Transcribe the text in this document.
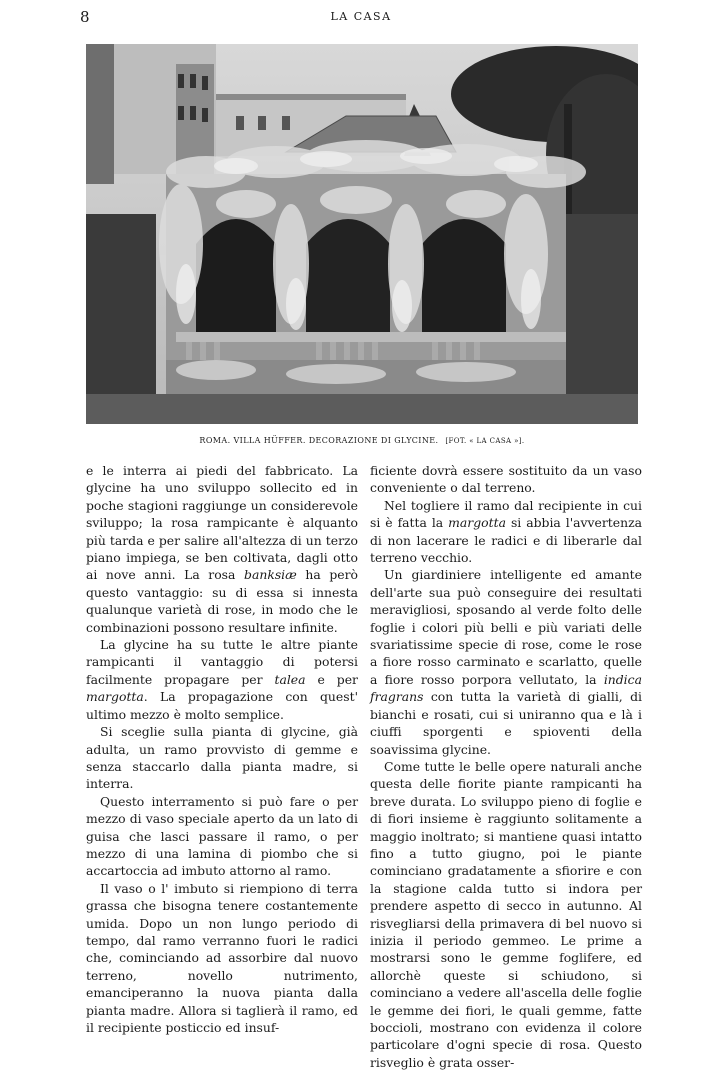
8	LA CASA
ROMA. VILLA HÜFFER. DECORAZIONE DI GLYCINE. [FOT. « LA CASA »].

e le interra ai piedi del fabbricato. La glycine ha uno sviluppo sollecito ed in poche stagioni raggiunge un considerevole sviluppo; la rosa rampicante è alquanto più tarda e per salire all'altezza di un terzo piano impiega, se ben coltivata, dagli otto ai nove anni. La rosa banksiæ ha però questo vantaggio: su di essa si innesta qualunque varietà di rose, in modo che le combinazioni possono resultare infinite.

La glycine ha su tutte le altre piante rampicanti il vantaggio di potersi facilmente propagare per talea e per margotta. La propagazione con quest' ultimo mezzo è molto semplice.

Si sceglie sulla pianta di glycine, già adulta, un ramo provvisto di gemme e senza staccarlo dalla pianta madre, si interra.

Questo interramento si può fare o per mezzo di vaso speciale aperto da un lato di guisa che lasci passare il ramo, o per mezzo di una lamina di piombo che si accartoccia ad imbuto attorno al ramo.

Il vaso o l' imbuto si riempiono di terra grassa che bisogna tenere costantemente umida. Dopo un non lungo periodo di tempo, dal ramo verranno fuori le radici che, cominciando ad assorbire dal nuovo terreno, novello nutrimento, emanciperanno la nuova pianta dalla pianta madre. Allora si taglierà il ramo, ed il recipiente posticcio ed insuf-

ficiente dovrà essere sostituito da un vaso conveniente o dal terreno.

Nel togliere il ramo dal recipiente in cui si è fatta la margotta si abbia l'avvertenza di non lacerare le radici e di liberarle dal terreno vecchio.

Un giardiniere intelligente ed amante dell'arte sua può conseguire dei resultati meravigliosi, sposando al verde folto delle foglie i colori più belli e più variati delle svariatissime specie di rose, come le rose a fiore rosso carminato e scarlatto, quelle a fiore rosso porpora vellutato, la indica fragrans con tutta la varietà di gialli, di bianchi e rosati, cui si uniranno qua e là i ciuffi sporgenti e spioventi della soavissima glycine.

Come tutte le belle opere naturali anche questa delle fiorite piante rampicanti ha breve durata. Lo sviluppo pieno di foglie e di fiori insieme è raggiunto solitamente a maggio inoltrato; si mantiene quasi intatto fino a tutto giugno, poi le piante cominciano gradatamente a sfiorire e con la stagione calda tutto si indora per prendere aspetto di secco in autunno. Al risvegliarsi della primavera di bel nuovo si inizia il periodo gemmeo. Le prime a mostrarsi sono le gemme foglifere, ed allorchè queste si schiudono, si cominciano a vedere all'ascella delle foglie le gemme dei fiori, le quali gemme, fatte boccioli, mostrano con evidenza il colore particolare d'ogni specie di rosa. Questo risveglio è grata osser-
